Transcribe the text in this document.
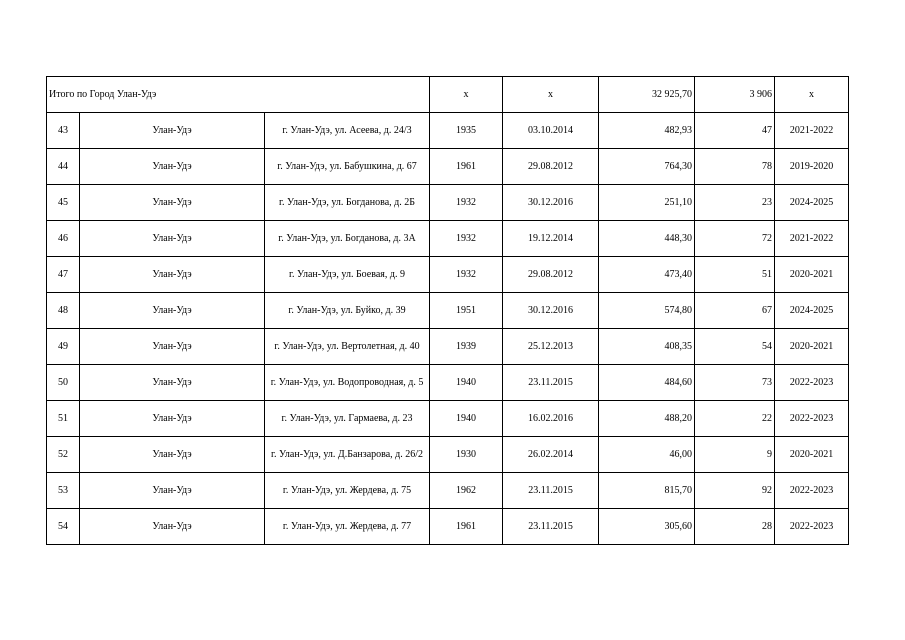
Итого по Город Улан-Удэ			x	x	32 925,70	3 906	x
43	Улан-Удэ	г. Улан-Удэ, ул. Асеева, д. 24/3	1935	03.10.2014	482,93	47	2021-2022
44	Улан-Удэ	г. Улан-Удэ, ул. Бабушкина, д. 67	1961	29.08.2012	764,30	78	2019-2020
45	Улан-Удэ	г. Улан-Удэ, ул. Богданова, д. 2Б	1932	30.12.2016	251,10	23	2024-2025
46	Улан-Удэ	г. Улан-Удэ, ул. Богданова, д. 3А	1932	19.12.2014	448,30	72	2021-2022
47	Улан-Удэ	г. Улан-Удэ, ул. Боевая, д. 9	1932	29.08.2012	473,40	51	2020-2021
48	Улан-Удэ	г. Улан-Удэ, ул. Буйко, д. 39	1951	30.12.2016	574,80	67	2024-2025
49	Улан-Удэ	г. Улан-Удэ, ул. Вертолетная, д. 40	1939	25.12.2013	408,35	54	2020-2021
50	Улан-Удэ	г. Улан-Удэ, ул. Водопроводная, д. 5	1940	23.11.2015	484,60	73	2022-2023
51	Улан-Удэ	г. Улан-Удэ, ул. Гармаева, д. 23	1940	16.02.2016	488,20	22	2022-2023
52	Улан-Удэ	г. Улан-Удэ, ул. Д.Банзарова, д. 26/2	1930	26.02.2014	46,00	9	2020-2021
53	Улан-Удэ	г. Улан-Удэ, ул. Жердева, д. 75	1962	23.11.2015	815,70	92	2022-2023
54	Улан-Удэ	г. Улан-Удэ, ул. Жердева, д. 77	1961	23.11.2015	305,60	28	2022-2023
